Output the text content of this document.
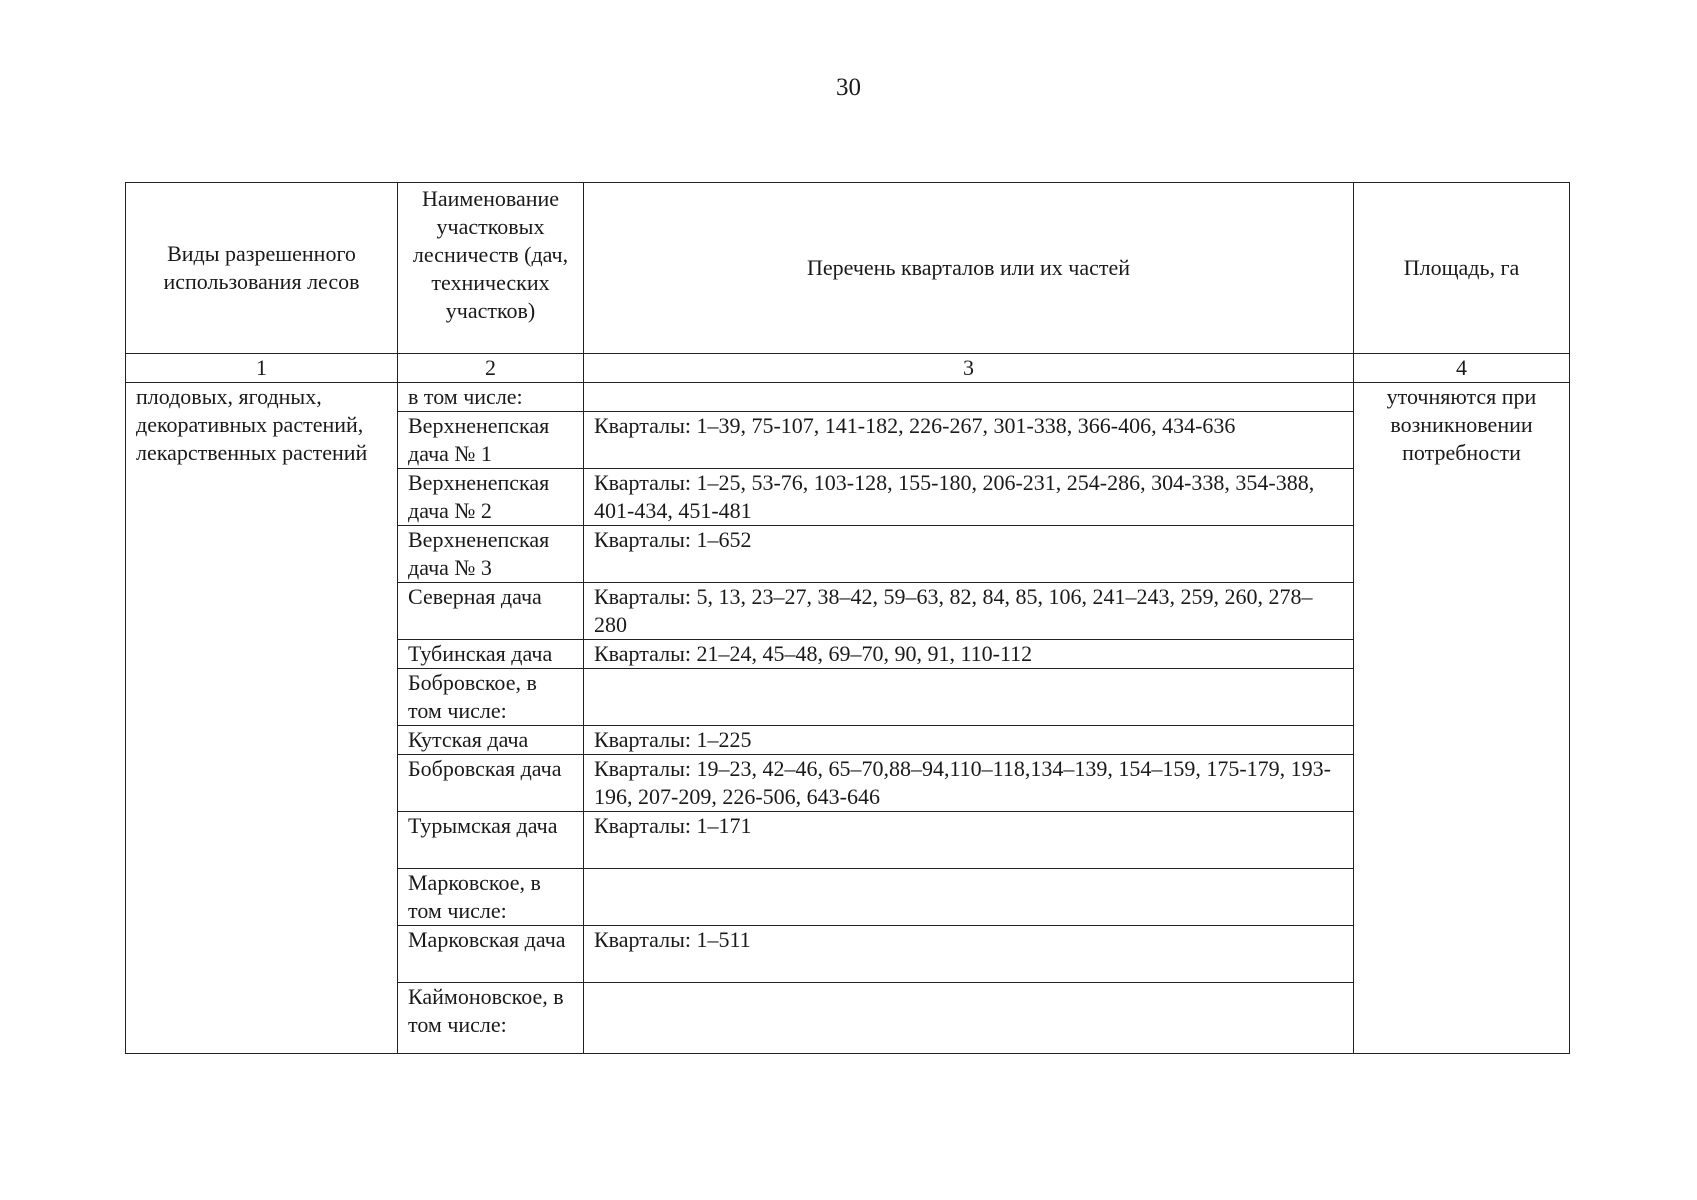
30
Виды разрешенного использования лесов	Наименование участковых лесничеств (дач, технических участков)	Перечень кварталов или их частей	Площадь, га
1	2	3	4
плодовых, ягодных, декоративных растений, лекарственных растений	в том числе:		уточняются при возникновении потребности
	Верхненепская дача № 1	Кварталы: 1–39, 75-107, 141-182, 226-267, 301-338, 366-406, 434-636	
	Верхненепская дача № 2	Кварталы: 1–25, 53-76, 103-128, 155-180, 206-231, 254-286, 304-338, 354-388, 401-434, 451-481	
	Верхненепская дача № 3	Кварталы: 1–652	
	Северная дача	Кварталы: 5, 13, 23–27, 38–42, 59–63, 82, 84, 85, 106, 241–243, 259, 260, 278–280	
	Тубинская дача	Кварталы: 21–24, 45–48, 69–70, 90, 91, 110-112	
	Бобровское, в том числе:		
	Кутская дача	Кварталы: 1–225	
	Бобровская дача	Кварталы: 19–23, 42–46, 65–70,88–94,110–118,134–139, 154–159, 175-179, 193-196, 207-209, 226-506, 643-646	
	Турымская дача	Кварталы: 1–171	
	Марковское, в том числе:		
	Марковская дача	Кварталы: 1–511	
	Каймоновское, в том числе:		
